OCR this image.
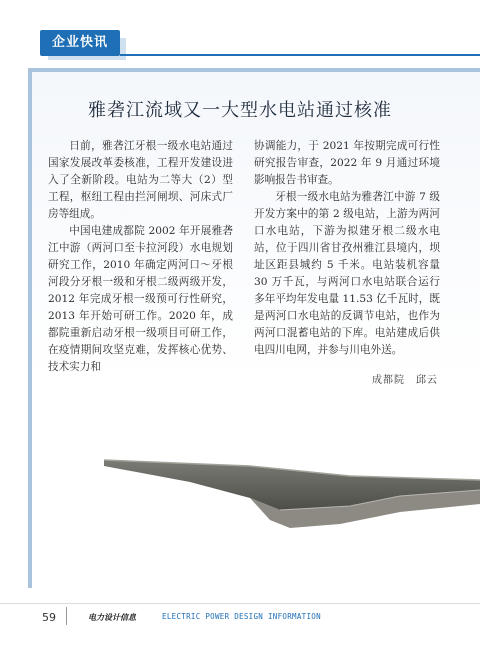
企业快讯
雅砻江流域又一大型水电站通过核准

日前，雅砻江牙根一级水电站通过国家发展改革委核准，工程开发建设进入了全新阶段。电站为二等大（2）型工程，枢纽工程由拦河闸坝、河床式厂房等组成。

中国电建成都院 2002 年开展雅砻江中游（两河口至卡拉河段）水电规划研究工作，2010 年确定两河口～牙根河段分牙根一级和牙根二级两级开发，2012 年完成牙根一级预可行性研究，2013 年开始可研工作。2020 年，成都院重新启动牙根一级项目可研工作，在疫情期间攻坚克难，发挥核心优势、技术实力和

协调能力，于 2021 年按期完成可行性研究报告审查，2022 年 9 月通过环境影响报告书审查。

牙根一级水电站为雅砻江中游 7 级开发方案中的第 2 级电站，上游为两河口水电站，下游为拟建牙根二级水电站，位于四川省甘孜州雅江县境内，坝址区距县城约 5 千米。电站装机容量 30 万千瓦，与两河口水电站联合运行多年平均年发电量 11.53 亿千瓦时，既是两河口水电站的反调节电站，也作为两河口混蓄电站的下库。电站建成后供电四川电网，并参与川电外送。

成都院　邱云
59	电力设计信息	ELECTRIC POWER DESIGN INFORMATION
